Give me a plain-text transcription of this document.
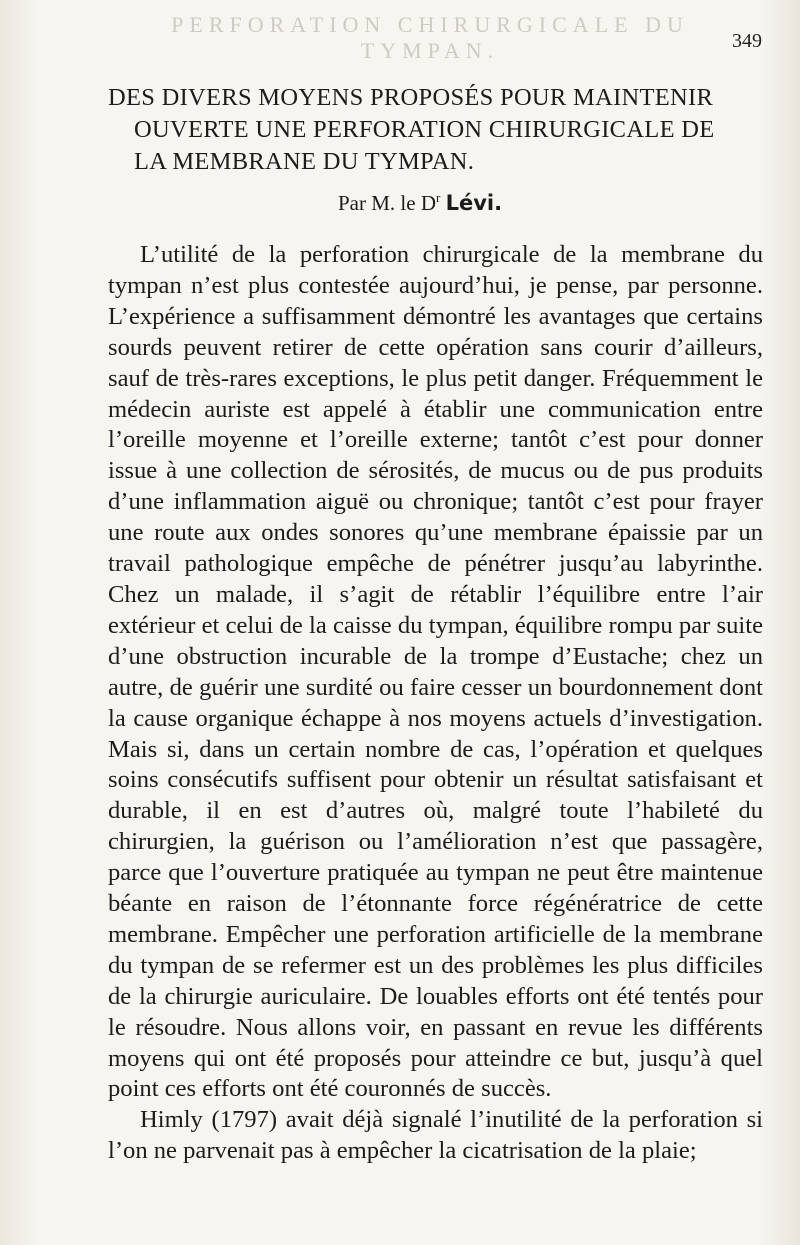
PERFORATION CHIRURGICALE DU TYMPAN.	349
DES DIVERS MOYENS PROPOSÉS POUR MAINTENIR
OUVERTE UNE PERFORATION CHIRURGICALE DE
LA MEMBRANE DU TYMPAN.
Par M. le $D^r$ Lévi.

L’utilité de la perforation chirurgicale de la membrane du tympan n’est plus contestée aujourd’hui, je pense, par personne. L’expérience a suffisamment démontré les avantages que certains sourds peuvent retirer de cette opération sans courir d’ailleurs, sauf de très-rares exceptions, le plus petit danger. Fréquemment le médecin auriste est appelé à établir une communication entre l’oreille moyenne et l’oreille externe; tantôt c’est pour donner issue à une collection de sérosités, de mucus ou de pus produits d’une inflammation aiguë ou chronique; tantôt c’est pour frayer une route aux ondes sonores qu’une membrane épaissie par un travail pathologique empêche de pénétrer jusqu’au labyrinthe. Chez un malade, il s’agit de rétablir l’équilibre entre l’air extérieur et celui de la caisse du tympan, équilibre rompu par suite d’une obstruction incurable de la trompe d’Eustache; chez un autre, de guérir une surdité ou faire cesser un bourdonnement dont la cause organique échappe à nos moyens actuels d’investigation. Mais si, dans un certain nombre de cas, l’opération et quelques soins consécutifs suffisent pour obtenir un résultat satisfaisant et durable, il en est d’autres où, malgré toute l’habileté du chirurgien, la guérison ou l’amélioration n’est que passagère, parce que l’ouverture pratiquée au tympan ne peut être maintenue béante en raison de l’étonnante force régénératrice de cette membrane. Empêcher une perforation artificielle de la membrane du tympan de se refermer est un des problèmes les plus difficiles de la chirurgie auriculaire. De louables efforts ont été tentés pour le résoudre. Nous allons voir, en passant en revue les différents moyens qui ont été proposés pour atteindre ce but, jusqu’à quel point ces efforts ont été couronnés de succès.

Himly (1797) avait déjà signalé l’inutilité de la perforation si l’on ne parvenait pas à empêcher la cicatrisation de la plaie;
